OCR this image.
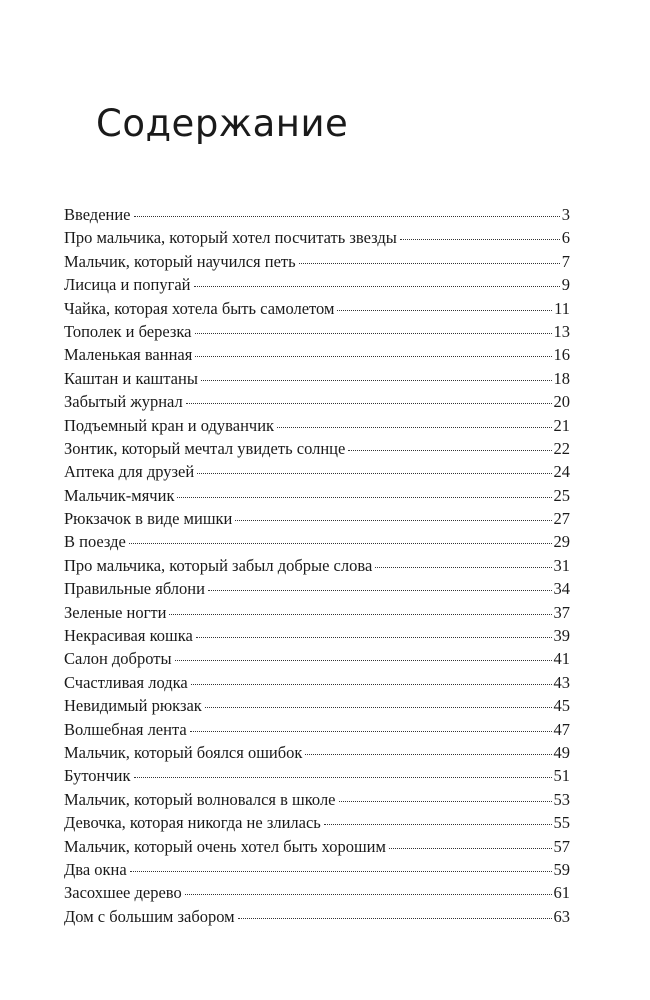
Содержание
Введение	3
Про мальчика, который хотел посчитать звезды	6
Мальчик, который научился петь	7
Лисица и попугай	9
Чайка, которая хотела быть самолетом	11
Тополек и березка	13
Маленькая ванная	16
Каштан и каштаны	18
Забытый журнал	20
Подъемный кран и одуванчик	21
Зонтик, который мечтал увидеть солнце	22
Аптека для друзей	24
Мальчик-мячик	25
Рюкзачок в виде мишки	27
В поезде	29
Про мальчика, который забыл добрые слова	31
Правильные яблони	34
Зеленые ногти	37
Некрасивая кошка	39
Салон доброты	41
Счастливая лодка	43
Невидимый рюкзак	45
Волшебная лента	47
Мальчик, который боялся ошибок	49
Бутончик	51
Мальчик, который волновался в школе	53
Девочка, которая никогда не злилась	55
Мальчик, который очень хотел быть хорошим	57
Два окна	59
Засохшее дерево	61
Дом с большим забором	63
